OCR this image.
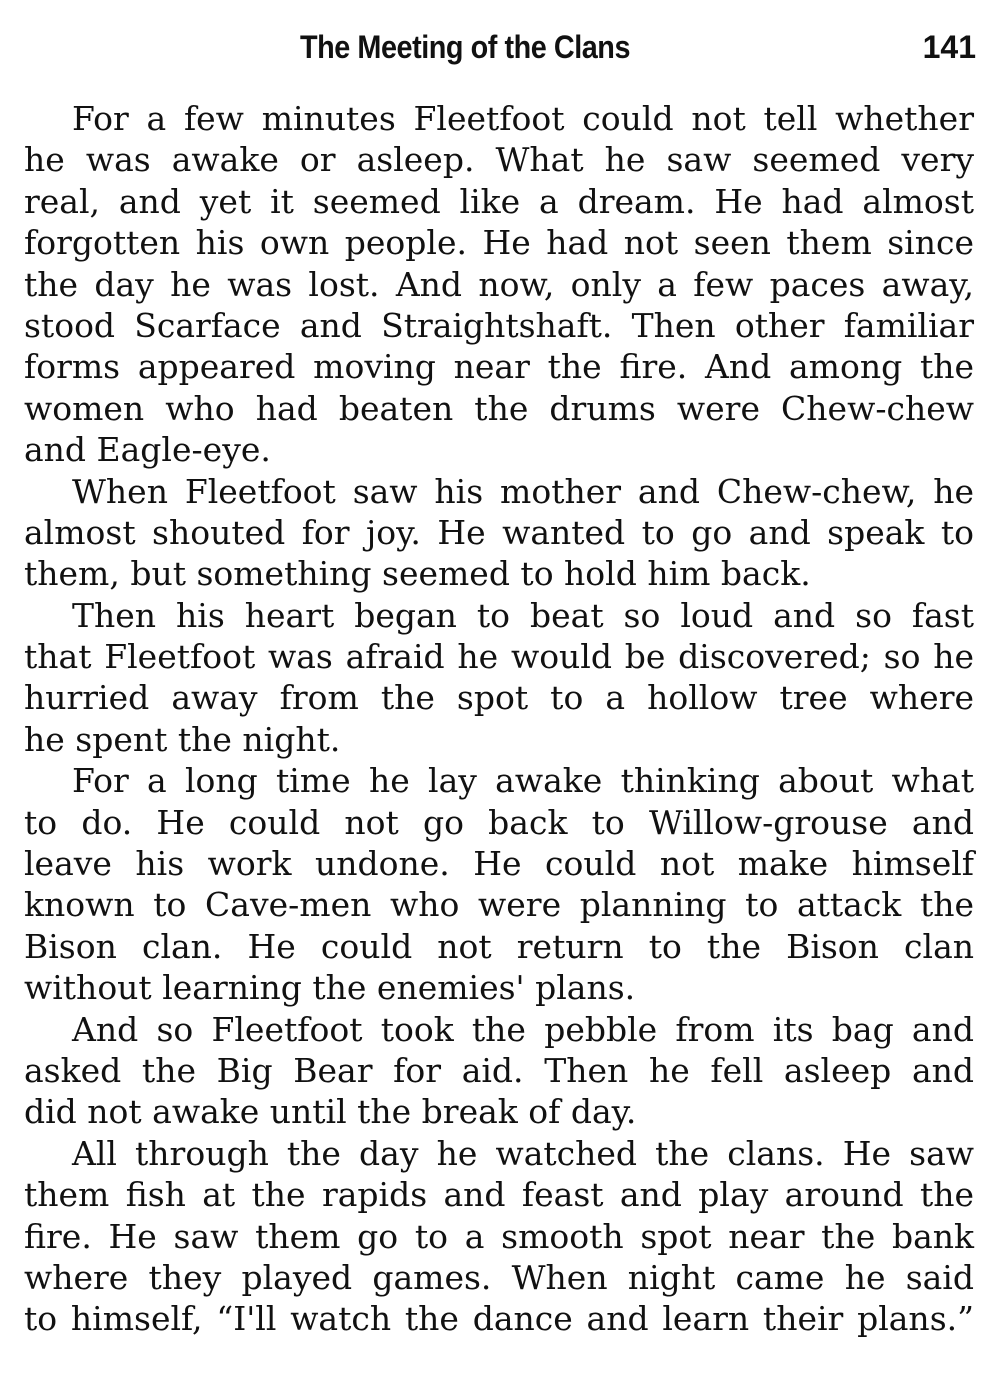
The Meeting of the Clans	141
For a few minutes Fleetfoot could not tell whether
he was awake or asleep. What he saw seemed very
real, and yet it seemed like a dream. He had almost
forgotten his own people. He had not seen them since
the day he was lost. And now, only a few paces away,
stood Scarface and Straightshaft. Then other familiar
forms appeared moving near the fire. And among the
women who had beaten the drums were Chew-chew
and Eagle-eye.
When Fleetfoot saw his mother and Chew-chew, he
almost shouted for joy. He wanted to go and speak to
them, but something seemed to hold him back.
Then his heart began to beat so loud and so fast
that Fleetfoot was afraid he would be discovered; so he
hurried away from the spot to a hollow tree where
he spent the night.
For a long time he lay awake thinking about what
to do. He could not go back to Willow-grouse and
leave his work undone. He could not make himself
known to Cave-men who were planning to attack the
Bison clan. He could not return to the Bison clan
without learning the enemies' plans.
And so Fleetfoot took the pebble from its bag and
asked the Big Bear for aid. Then he fell asleep and
did not awake until the break of day.
All through the day he watched the clans. He saw
them fish at the rapids and feast and play around the
fire. He saw them go to a smooth spot near the bank
where they played games. When night came he said
to himself, “I'll watch the dance and learn their plans.”
